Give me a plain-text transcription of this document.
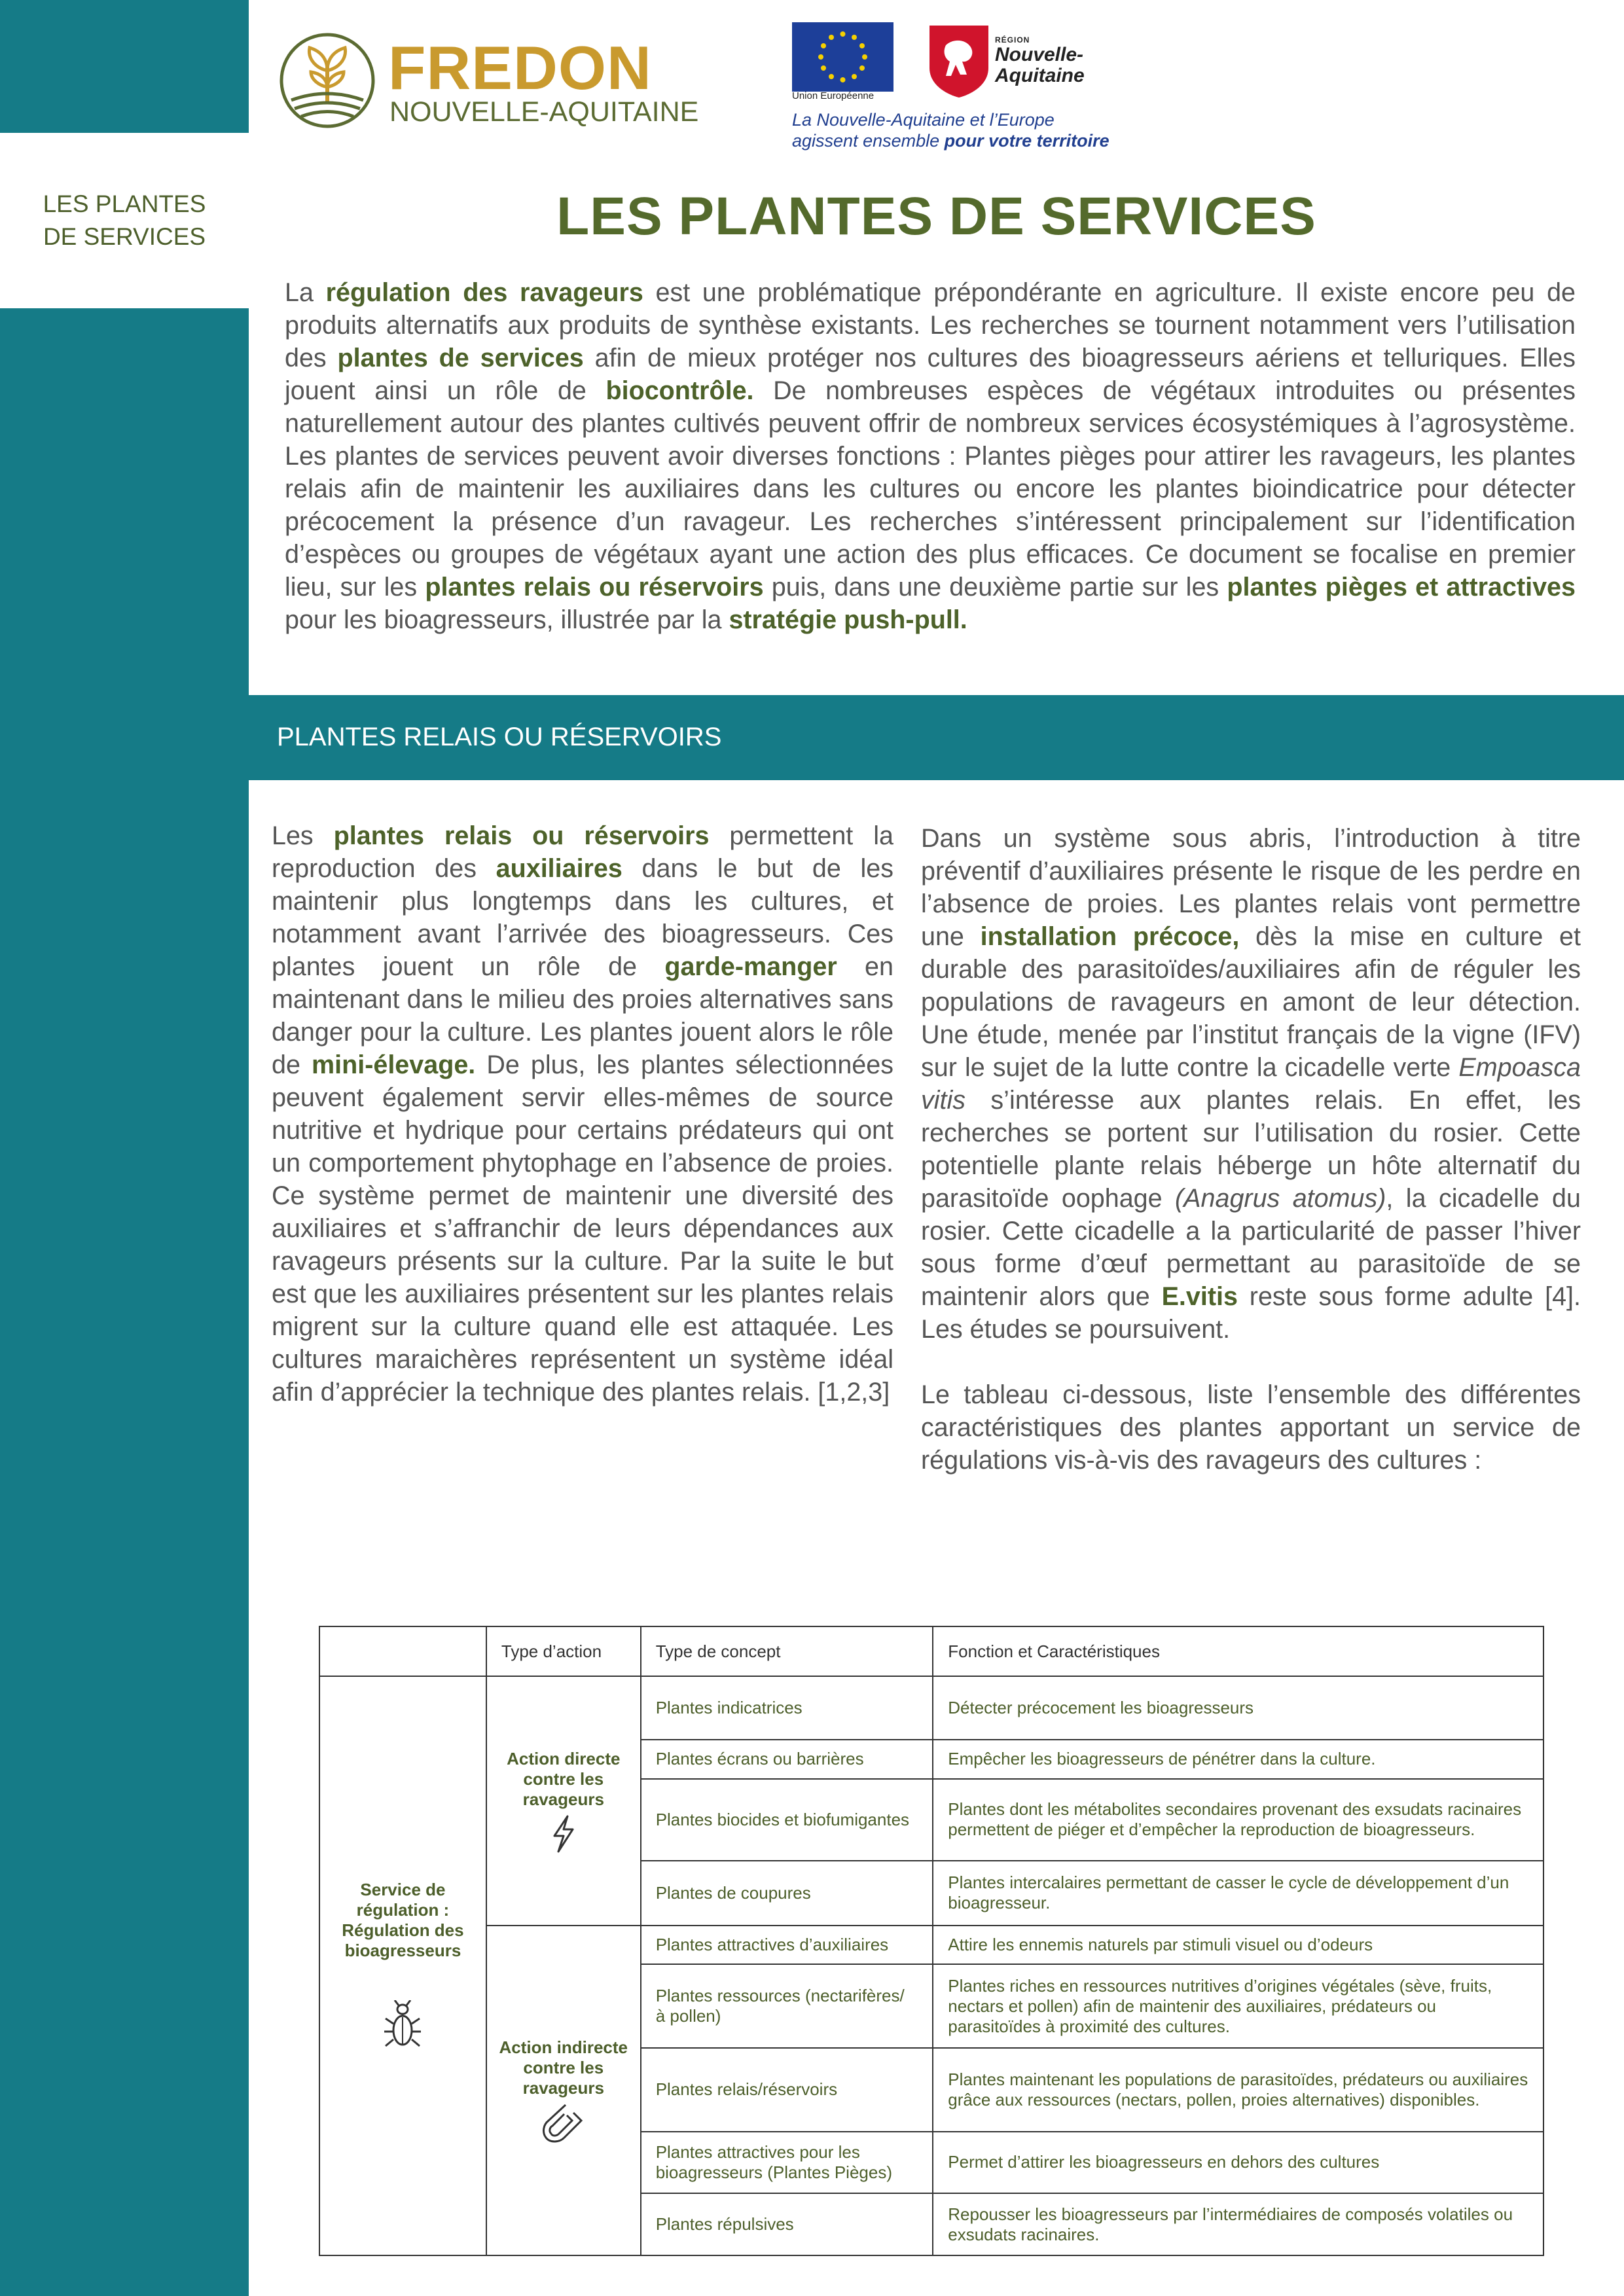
LES PLANTES DE SERVICES
FREDON
NOUVELLE-AQUITAINE
Union Européenne
RÉGION
Nouvelle-
Aquitaine
La Nouvelle-Aquitaine et l’Europe
agissent ensemble pour votre territoire
LES PLANTES DE SERVICES

La régulation des ravageurs est une problématique prépondérante en agriculture. Il existe encore peu de produits alternatifs aux produits de synthèse existants. Les recherches se tournent notamment vers l’utilisation des plantes de services afin de mieux protéger nos cultures des bioagresseurs aériens et telluriques. Elles jouent ainsi un rôle de biocontrôle. De nombreuses espèces de végétaux introduites ou présentes naturellement autour des plantes cultivés peuvent offrir de nombreux services écosystémiques à l’agrosystème. Les plantes de services peuvent avoir diverses fonctions : Plantes pièges pour attirer les ravageurs, les plantes relais afin de maintenir les auxiliaires dans les cultures ou encore les plantes bioindicatrice pour détecter précocement la présence d’un ravageur. Les recherches s’intéressent principalement sur l’identification d’espèces ou groupes de végétaux ayant une action des plus efficaces. Ce document se focalise en premier lieu, sur les plantes relais ou réservoirs puis, dans une deuxième partie sur les plantes pièges et attractives pour les bioagresseurs, illustrée par la stratégie push-pull.

PLANTES RELAIS OU RÉSERVOIRS

Les plantes relais ou réservoirs permettent la reproduction des auxiliaires dans le but de les maintenir plus longtemps dans les cultures, et notamment avant l’arrivée des bioagresseurs. Ces plantes jouent un rôle de garde-manger en maintenant dans le milieu des proies alternatives sans danger pour la culture. Les plantes jouent alors le rôle de mini-élevage. De plus, les plantes sélectionnées peuvent également servir elles-mêmes de source nutritive et hydrique pour certains prédateurs qui ont un comportement phytophage en l’absence de proies. Ce système permet de maintenir une diversité des auxiliaires et s’affranchir de leurs dépendances aux ravageurs présents sur la culture. Par la suite le but est que les auxiliaires présentent sur les plantes relais migrent sur la culture quand elle est attaquée. Les cultures maraichères représentent un système idéal afin d’apprécier la technique des plantes relais. [1,2,3]

Dans un système sous abris, l’introduction à titre préventif d’auxiliaires présente le risque de les perdre en l’absence de proies. Les plantes relais vont permettre une installation précoce, dès la mise en culture et durable des parasitoïdes/auxiliaires afin de réguler les populations de ravageurs en amont de leur détection. Une étude, menée par l’institut français de la vigne (IFV) sur le sujet de la lutte contre la cicadelle verte Empoasca vitis s’intéresse aux plantes relais. En effet, les recherches se portent sur l’utilisation du rosier. Cette potentielle plante relais héberge un hôte alternatif du parasitoïde oophage (Anagrus atomus), la cicadelle du rosier. Cette cicadelle a la particularité de passer l’hiver sous forme d’œuf permettant au parasitoïde de se maintenir alors que E.vitis reste sous forme adulte [4]. Les études se poursuivent.

Le tableau ci-dessous, liste l’ensemble des différentes caractéristiques des plantes apportant un service de régulations vis-à-vis des ravageurs des cultures :

	Type d’action	Type de concept	Fonction et Caractéristiques
Service de régulation : Régulation des bioagresseurs	Action directe contre les ravageurs	Plantes indicatrices	Détecter précocement les bioagresseurs
		Plantes écrans ou barrières	Empêcher les bioagresseurs de pénétrer dans la culture.
		Plantes biocides et biofumigantes	Plantes dont les métabolites secondaires provenant des exsudats racinaires permettent de piéger et d’empêcher la reproduction de bioagresseurs.
		Plantes de coupures	Plantes intercalaires permettant de casser le cycle de développement d’un bioagresseur.
	Action indirecte contre les ravageurs	Plantes attractives d’auxiliaires	Attire les ennemis naturels par stimuli visuel ou d’odeurs
		Plantes ressources (nectarifères/ à pollen)	Plantes riches en ressources nutritives d’origines végétales (sève, fruits, nectars et pollen) afin de maintenir des auxiliaires, prédateurs ou parasitoïdes à proximité des cultures.
		Plantes relais/réservoirs	Plantes maintenant les populations de parasitoïdes, prédateurs ou auxiliaires grâce aux ressources (nectars, pollen, proies alternatives) disponibles.
		Plantes attractives pour les bioagresseurs (Plantes Pièges)	Permet d’attirer les bioagresseurs en dehors des cultures
		Plantes répulsives	Repousser les bioagresseurs par l’intermédiaires de composés volatiles ou exsudats racinaires.
